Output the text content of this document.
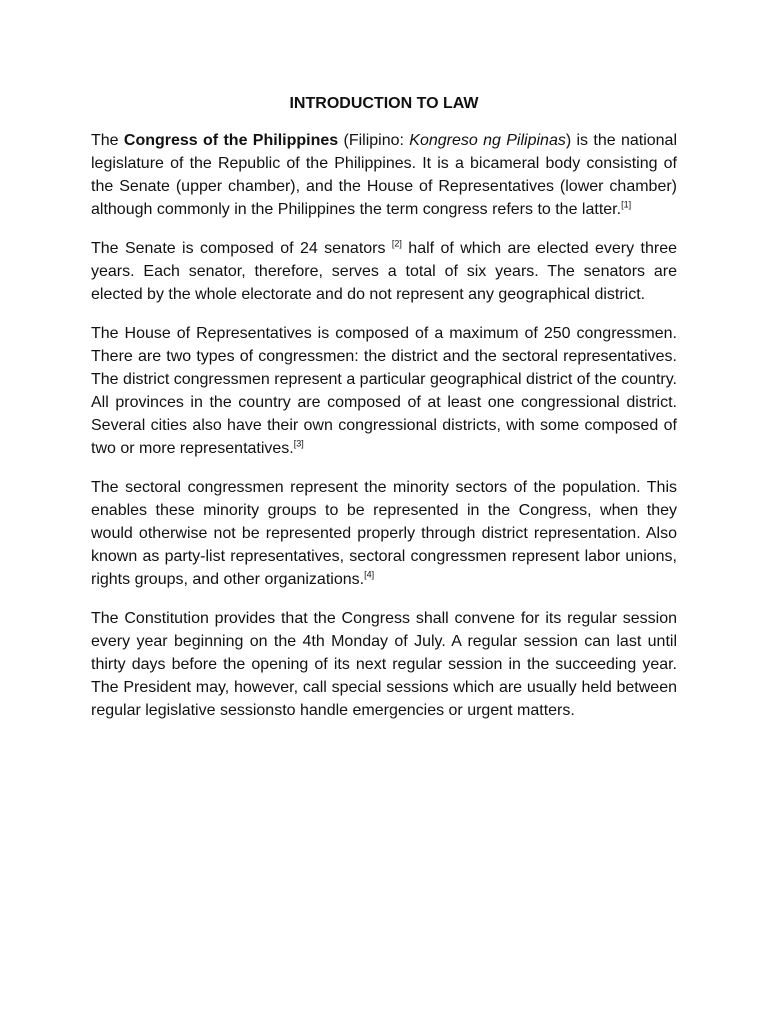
INTRODUCTION TO LAW

The Congress of the Philippines (Filipino: Kongreso ng Pilipinas) is the national legislature of the Republic of the Philippines. It is a bicameral body consisting of the Senate (upper chamber), and the House of Representatives (lower chamber) although commonly in the Philippines the term congress refers to the latter.[1]

The Senate is composed of 24 senators [2] half of which are elected every three years. Each senator, therefore, serves a total of six years. The senators are elected by the whole electorate and do not represent any geographical district.

The House of Representatives is composed of a maximum of 250 congressmen. There are two types of congressmen: the district and the sectoral representatives. The district congressmen represent a particular geographical district of the country. All provinces in the country are composed of at least one congressional district. Several cities also have their own congressional districts, with some composed of two or more representatives.[3]

The sectoral congressmen represent the minority sectors of the population. This enables these minority groups to be represented in the Congress, when they would otherwise not be represented properly through district representation. Also known as party-list representatives, sectoral congressmen represent labor unions, rights groups, and other organizations.[4]

The Constitution provides that the Congress shall convene for its regular session every year beginning on the 4th Monday of July. A regular session can last until thirty days before the opening of its next regular session in the succeeding year. The President may, however, call special sessions which are usually held between regular legislative sessionsto handle emergencies or urgent matters.
